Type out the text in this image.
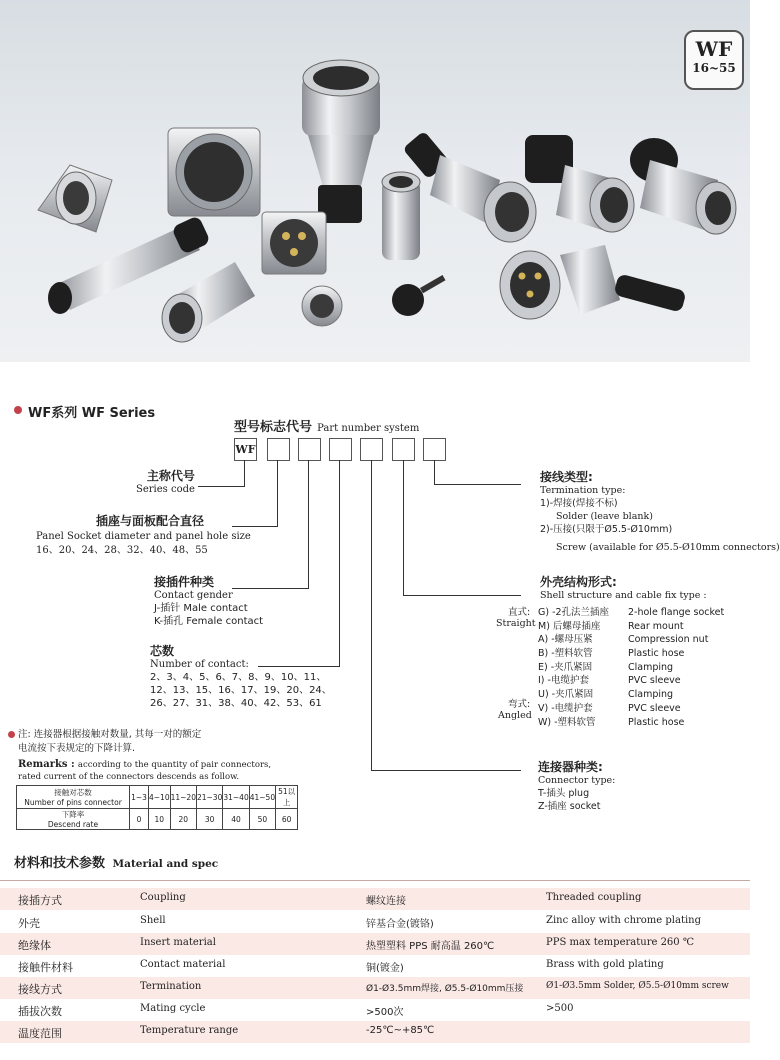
WF
16~55
WF系列 WF Series
型号标志代号 Part number system
WF
主称代号
Series code
插座与面板配合直径
Panel Socket diameter and panel hole size
16、20、24、28、32、40、48、55
接插件种类
Contact gender
J-插针 Male contact
K-插孔 Female contact
芯数
Number of contact:
2、3、4、5、6、7、8、9、10、11、
12、13、15、16、17、19、20、24、
26、27、31、38、40、42、53、61
接线类型:
Termination type:
1)-焊接(焊接不标)
Solder (leave blank)
2)-压接(只限于Ø5.5-Ø10mm)
Screw (available for Ø5.5-Ø10mm connectors)
外壳结构形式:
Shell structure and cable fix type :
直式:
Straight
弯式:
Angled
G) -2孔法兰插座 2-hole flange socket
M) 后螺母插座	Rear mount
A) -螺母压紧	Compression nut
B) -塑料软管	Plastic hose
E) -夹爪紧固	Clamping
I) -电缆护套	PVC sleeve
U) -夹爪紧固	Clamping
V) -电缆护套	PVC sleeve
W) -塑料软管	Plastic hose
连接器种类:
Connector type:
T-插头 plug
Z-插座 socket
注: 连接器根据接触对数量, 其每一对的额定
电流按下表规定的下降计算.
Remarks : according to the quantity of pair connectors,
rated current of the connectors descends as follow.
接触对芯数
Number of pins connector	1~3	4~10	11~20	21~30	31~40	41~50	51以上

下降率
Descend rate	0	10	20	30	40	50	60
材料和技术参数 Material and spec
接插方式	Coupling	螺纹连接	Threaded coupling
外壳	Shell	锌基合金(镀铬)	Zinc alloy with chrome plating
绝缘体	Insert material	热塑塑料 PPS 耐高温 260℃	PPS max temperature 260 ℃
接触件材料	Contact material	铜(镀金)	Brass with gold plating
接线方式	Termination	Ø1-Ø3.5mm焊接, Ø5.5-Ø10mm压接	Ø1-Ø3.5mm Solder, Ø5.5-Ø10mm screw
插拔次数	Mating cycle	>500次	>500
温度范围	Temperature range	-25℃~+85℃
